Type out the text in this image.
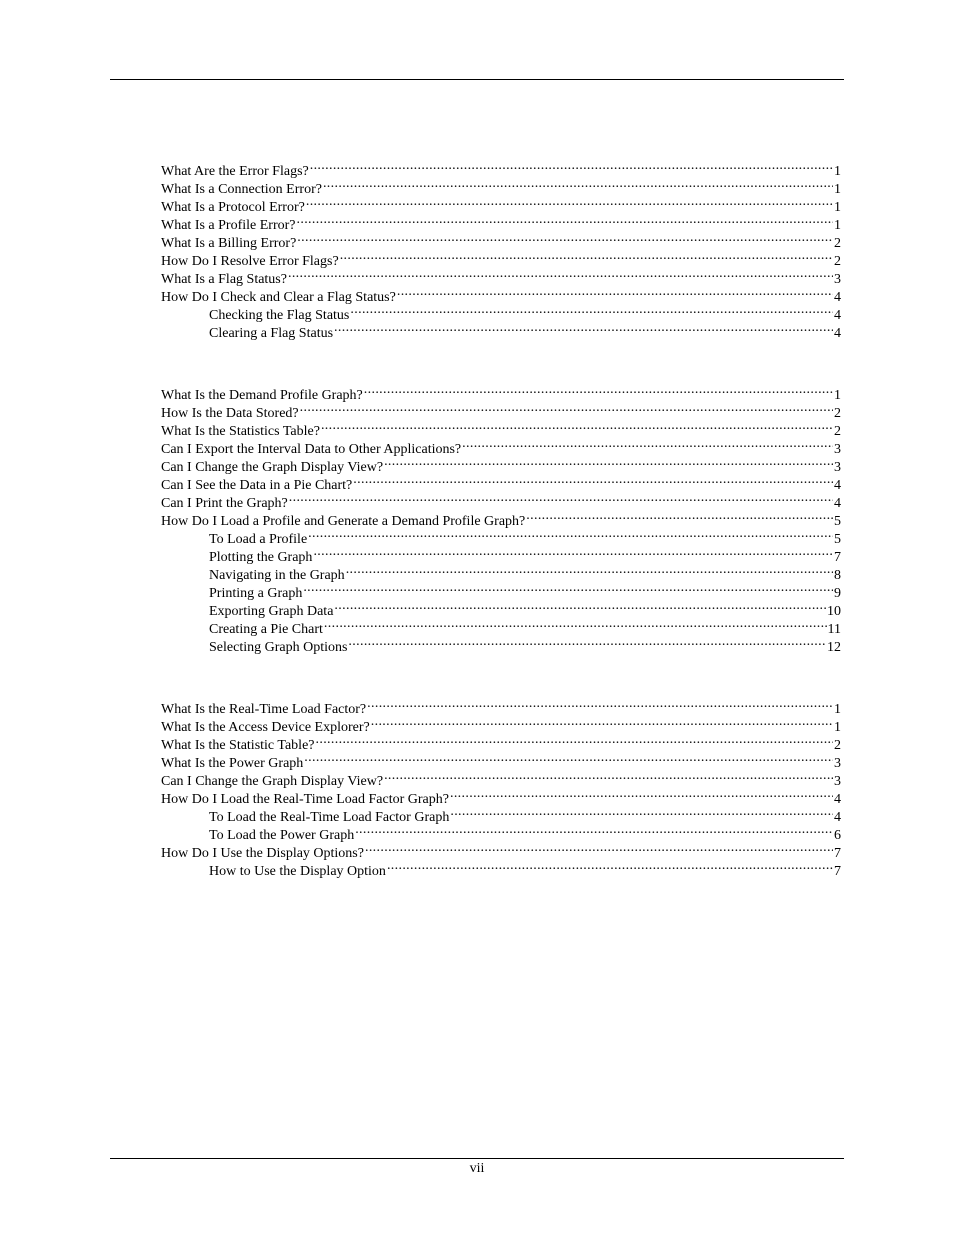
What Are the Error Flags? .....	1
What Is a Connection Error? .....	1
What Is a Protocol Error? .....	1
What Is a Profile Error? .....	1
What Is a Billing Error? .....	2
How Do I Resolve Error Flags? .....	2
What Is a Flag Status? .....	3
How Do I Check and Clear a Flag Status? .....	4
Checking the Flag Status .....	4
Clearing a Flag Status .....	4
What Is the Demand Profile Graph? .....	1
How Is the Data Stored? .....	2
What Is the Statistics Table? .....	2
Can I Export the Interval Data to Other Applications? .....	3
Can I Change the Graph Display View? .....	3
Can I See the Data in a Pie Chart? .....	4
Can I Print the Graph? .....	4
How Do I Load a Profile and Generate a Demand Profile Graph? .....	5
To Load a Profile .....	5
Plotting the Graph .....	7
Navigating in the Graph .....	8
Printing a Graph .....	9
Exporting Graph Data .....	10
Creating a Pie Chart .....	11
Selecting Graph Options .....	12
What Is the Real-Time Load Factor? .....	1
What Is the Access Device Explorer? .....	1
What Is the Statistic Table? .....	2
What Is the Power Graph .....	3
Can I Change the Graph Display View? .....	3
How Do I Load the Real-Time Load Factor Graph? .....	4
To Load the Real-Time Load Factor Graph .....	4
To Load the Power Graph .....	6
How Do I Use the Display Options? .....	7
How to Use the Display Option .....	7
vii
